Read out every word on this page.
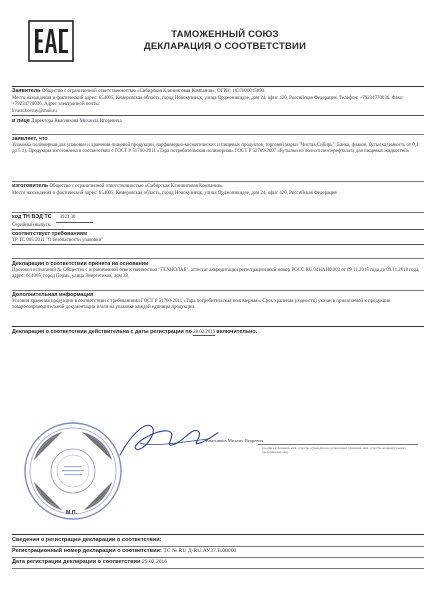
ТАМОЖЕННЫЙ СОЮЗ
ДЕКЛАРАЦИЯ О СООТВЕТСТВИИ
Заявитель Общество с ограниченной ответственностью «Сибирская Клининговая Компания», ОГРН: 1037800015890.
Место нахождения и фактический адрес: 654005, Кемеровская область, город Новокузнецк, улица Орджоникидзе, дом 24, офис 420, Российская Федерация. Телефон: +79234770036. Факс: +79234770036. Адрес электронной почты:
kvasnikovmy@mail.ru
в лице Директора Квасникова Михаила Игоревича
заявляет, что
Упаковка полимерная для упаковки и хранения пищевой продукции, парфюмерно-косметических и пищевых продуктов, торговой марки "Чистая Сибирь": Банка, флакон, бутылка (емкость от 0,1 до 5 л). Продукция изготовлена в соответствии с ГОСТ Р 51760-2011 «Тара потребительская полимерная» ГОСТ Р 52789-2007 «Бутылки из полиэтилентерефталата для пищевых жидкостей»
изготовитель Общество с ограниченной ответственностью «Сибирская Клининговая Компания».
Место нахождения и фактический адрес: 654005, Кемеровская область, город Новокузнецк, улица Орджоникидзе, дом 24, офис 420, Российская Федерация
код ТН ВЭД ТС	3923 30
Серийный выпуск.
соответствует требованиям
ТР ТС 005/2011 "О безопасности упаковки"
Декларация о соответствии принята на основании
Протокол испытаний № Общество с ограниченной ответственностью "ТЕХНОЛАБ", аттестат аккредитации регистрационный номер РОСС RU.04НАН0.003 от 09.11.2015 года до 09.11.2018 года, адрес: 614065, город Пермь, улица Энергетиков, дом 38.
Дополнительная информация
Условия хранения продукции в соответствии с требованиями ГОСТ Р 51760-2011 «Тара потребительская полимерная». Срок хранения (годности) указан в прилагаемой к продукции товаросопроводительной документации и/или на упаковке каждой единицы продукции.
Декларация о соответствии действительна с даты регистрации по 28.02.2019 включительно.
Квасников Михаил Игоревич
(подпись и фамилия, имя, отчество руководителя организации, (фамилия, имя, отчество индивидуального предпринимателя))
М.П.
Сведения о регистрации декларации о соответствии:
Регистрационный номер декларации о соответствии: ТС № RU Д-RU.АУ37.В.00000
Дата регистрации декларации о соответствии 29.02.2016
